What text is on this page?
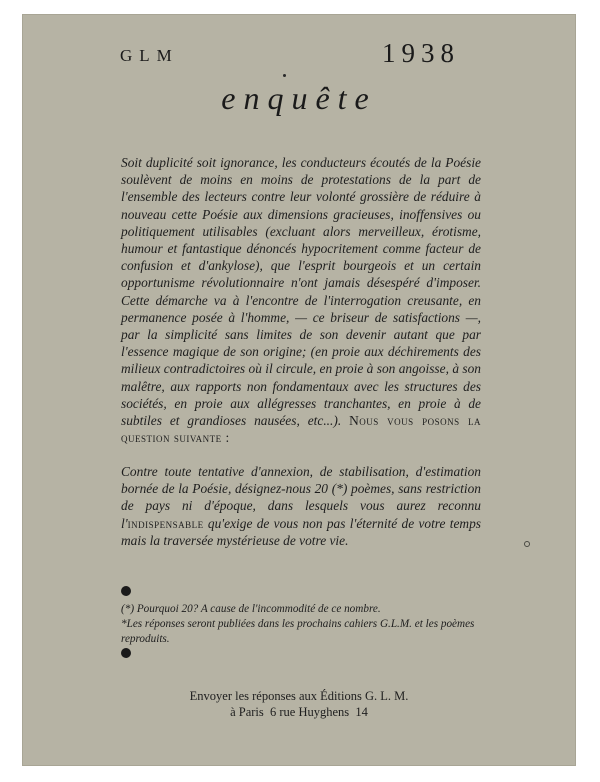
GLM	1938
enquête

Soit duplicité soit ignorance, les conducteurs écoutés de la Poésie soulèvent de moins en moins de protestations de la part de l'ensemble des lecteurs contre leur volonté grossière de réduire à nouveau cette Poésie aux dimensions gracieuses, inoffensives ou politiquement utilisables (excluant alors merveilleux, érotisme, humour et fantastique dénoncés hypocritement comme facteur de confusion et d'ankylose), que l'esprit bourgeois et un certain opportunisme révolutionnaire n'ont jamais désespéré d'imposer. Cette démarche va à l'encontre de l'interrogation creusante, en permanence posée à l'homme, — ce briseur de satisfactions —, par la simplicité sans limites de son devenir autant que par l'essence magique de son origine; (en proie aux déchirements des milieux contradictoires où il circule, en proie à son angoisse, à son malêtre, aux rapports non fondamentaux avec les structures des sociétés, en proie aux allégresses tranchantes, en proie à de subtiles et grandioses nausées, etc...). Nous vous posons la question suivante :

Contre toute tentative d'annexion, de stabilisation, d'estimation bornée de la Poésie, désignez-nous 20 (*) poèmes, sans restriction de pays ni d'époque, dans lesquels vous aurez reconnu l'indispensable qu'exige de vous non pas l'éternité de votre temps mais la traversée mystérieuse de votre vie.

(*) Pourquoi 20? A cause de l'incommodité de ce nombre.
*Les réponses seront publiées dans les prochains cahiers G.L.M. et les poèmes reproduits.
Envoyer les réponses aux Éditions G. L. M.
à Paris  6 rue Huyghens  14
